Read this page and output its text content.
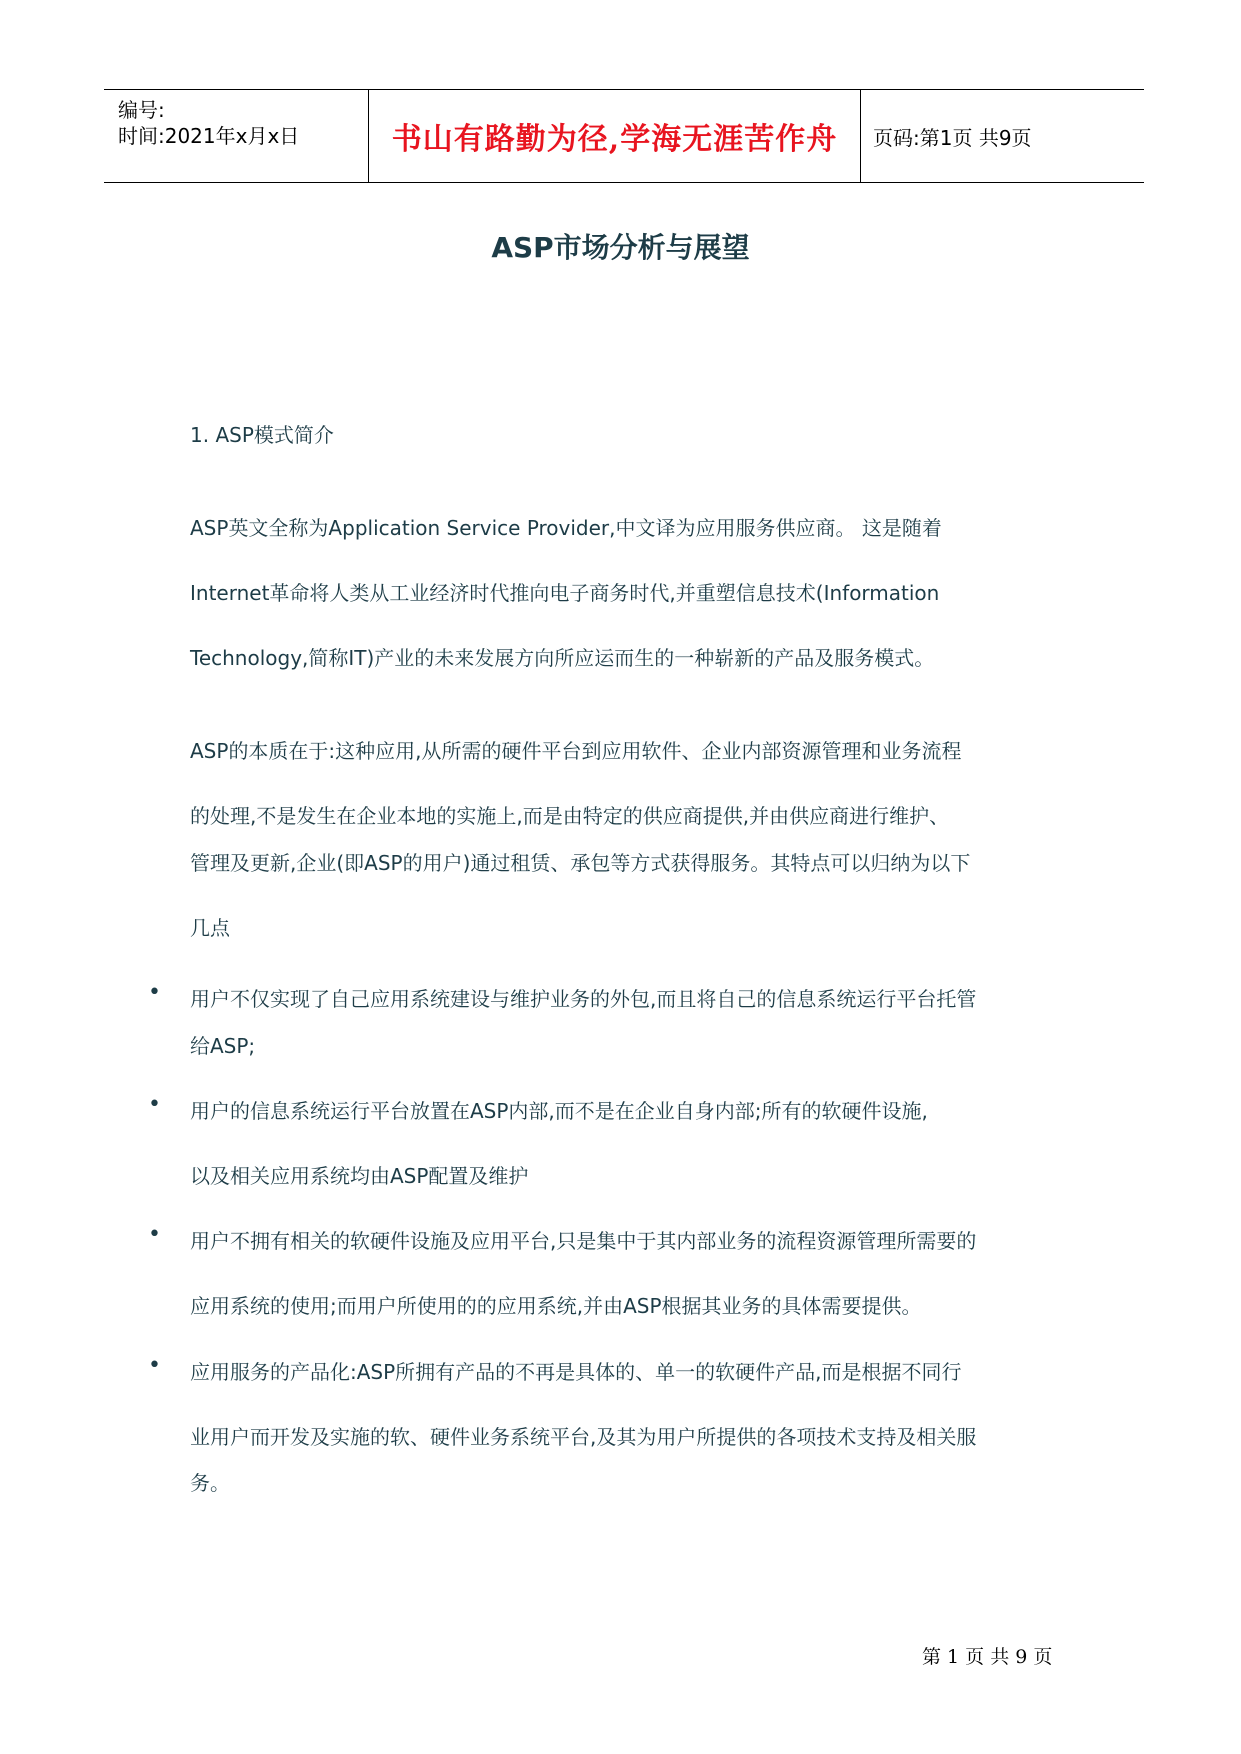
编号:
时间:2021年x月x日	书山有路勤为径,学海无涯苦作舟 页码:第1页 共9页
ASP市场分析与展望
1. ASP模式简介
ASP英文全称为Application Service Provider,中文译为应用服务供应商。 这是随着
Internet革命将人类从工业经济时代推向电子商务时代,并重塑信息技术(Information
Technology,简称IT)产业的未来发展方向所应运而生的一种崭新的产品及服务模式。
ASP的本质在于:这种应用,从所需的硬件平台到应用软件、企业内部资源管理和业务流程
的处理,不是发生在企业本地的实施上,而是由特定的供应商提供,并由供应商进行维护、
管理及更新,企业(即ASP的用户)通过租赁、承包等方式获得服务。其特点可以归纳为以下
几点
• 用户不仅实现了自己应用系统建设与维护业务的外包,而且将自己的信息系统运行平台托管
给ASP;
• 用户的信息系统运行平台放置在ASP内部,而不是在企业自身内部;所有的软硬件设施,
以及相关应用系统均由ASP配置及维护
• 用户不拥有相关的软硬件设施及应用平台,只是集中于其内部业务的流程资源管理所需要的
应用系统的使用;而用户所使用的的应用系统,并由ASP根据其业务的具体需要提供。
• 应用服务的产品化:ASP所拥有产品的不再是具体的、单一的软硬件产品,而是根据不同行
业用户而开发及实施的软、硬件业务系统平台,及其为用户所提供的各项技术支持及相关服
务。
第 1 页 共 9 页
